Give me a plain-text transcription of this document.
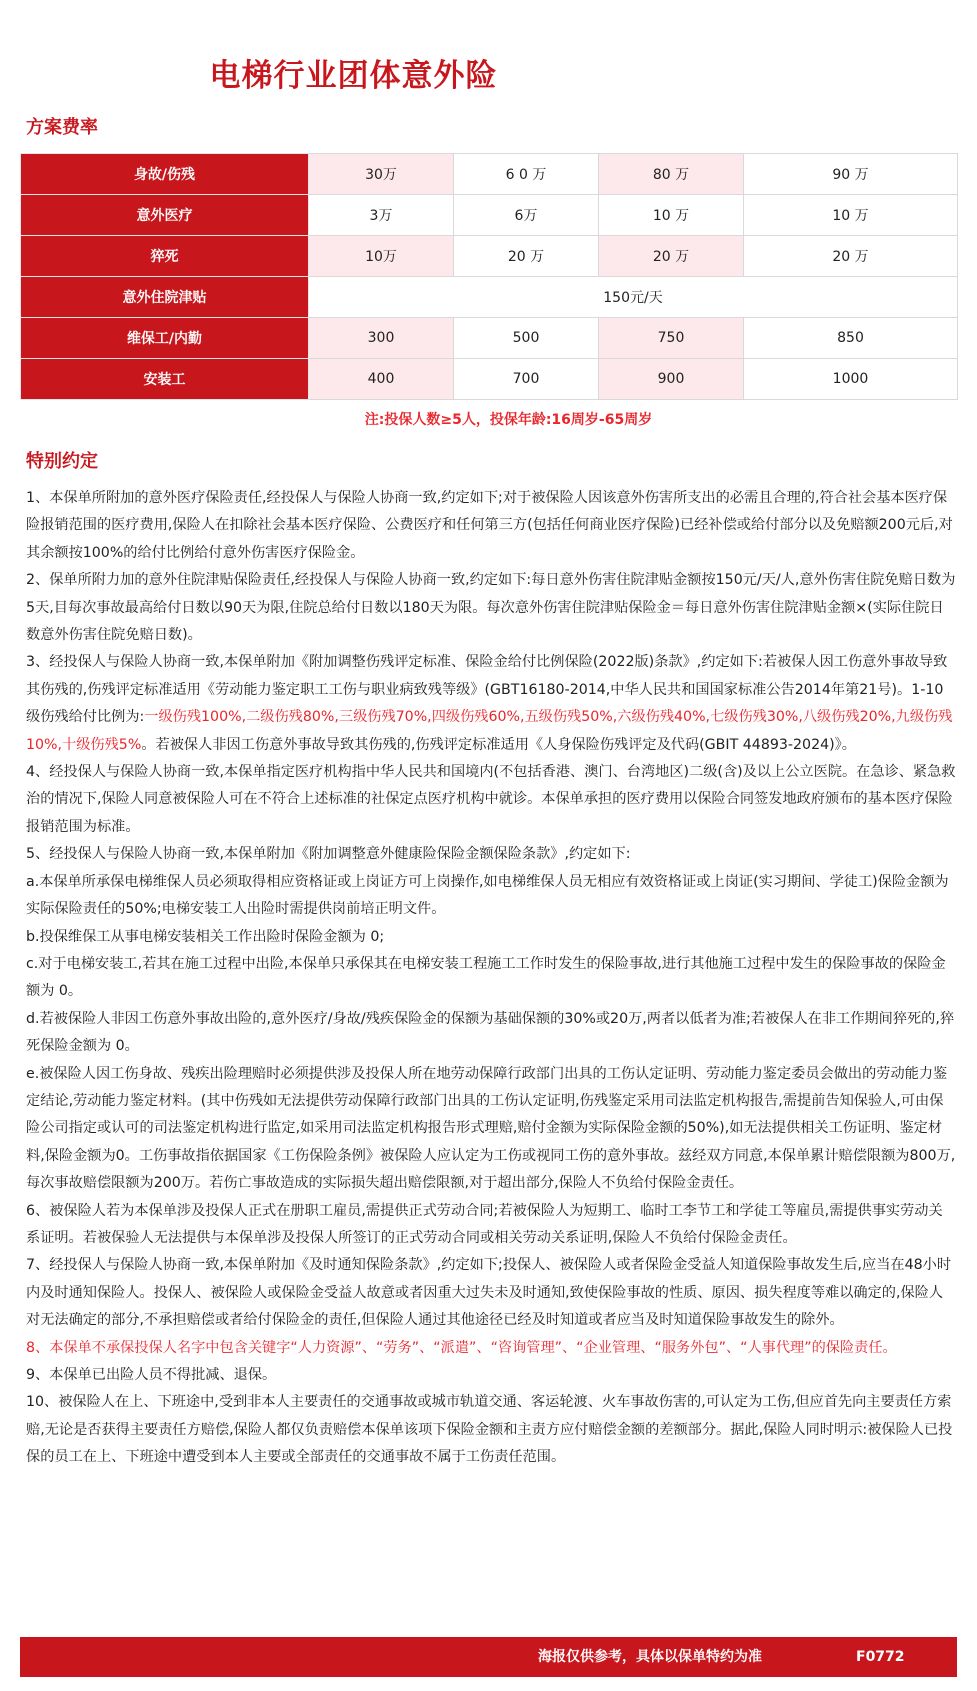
电梯行业团体意外险
方案费率
身故/伤残	30万	6 0 万	80 万	90 万
意外医疗	3万	6万	10 万	10 万
猝死	10万	20 万	20 万	20 万
意外住院津贴	150元/天			
维保工/内勤	300	500	750	850
安装工	400	700	900	1000
注:投保人数≥5人，投保年龄:16周岁-65周岁
特别约定

1、本保单所附加的意外医疗保险责任,经投保人与保险人协商一致,约定如下;对于被保险人因该意外伤害所支出的必需且合理的,符合社会基本医疗保险报销范围的医疗费用,保险人在扣除社会基本医疗保险、公费医疗和任何第三方(包括任何商业医疗保险)已经补偿或给付部分以及免赔额200元后,对其余额按100%的给付比例给付意外伤害医疗保险金。

2、保单所附力加的意外住院津贴保险责任,经投保人与保险人协商一致,约定如下:每日意外伤害住院津贴金额按150元/天/人,意外伤害住院免赔日数为5天,目每次事故最高给付日数以90天为限,住院总给付日数以180天为限。每次意外伤害住院津贴保险金＝每日意外伤害住院津贴金额×(实际住院日数意外伤害住院免赔日数)。

3、经投保人与保险人协商一致,本保单附加《附加调整伤残评定标准、保险金给付比例保险(2022版)条款》,约定如下:若被保人因工伤意外事故导致其伤残的,伤残评定标准适用《劳动能力鉴定职工工伤与职业病致残等级》(GBT16180-2014,中华人民共和国国家标准公告2014年第21号)。1-10级伤残给付比例为:一级伤残100%,二级伤残80%,三级伤残70%,四级伤残60%,五级伤残50%,六级伤残40%,七级伤残30%,八级伤残20%,九级伤残10%,十级伤残5%。若被保人非因工伤意外事故导致其伤残的,伤残评定标准适用《人身保险伤残评定及代码(GBIT 44893-2024)》。

4、经投保人与保险人协商一致,本保单指定医疗机构指中华人民共和国境内(不包括香港、澳门、台湾地区)二级(含)及以上公立医院。在急诊、紧急救治的情况下,保险人同意被保险人可在不符合上述标准的社保定点医疗机构中就诊。本保单承担的医疗费用以保险合同签发地政府颁布的基本医疗保险报销范围为标准。

5、经投保人与保险人协商一致,本保单附加《附加调整意外健康险保险金额保险条款》,约定如下:

a.本保单所承保电梯维保人员必须取得相应资格证或上岗证方可上岗操作,如电梯维保人员无相应有效资格证或上岗证(实习期间、学徒工)保险金额为实际保险责任的50%;电梯安装工人出险时需提供岗前培正明文件。

b.投保维保工从事电梯安装相关工作出险时保险金额为 0;

c.对于电梯安装工,若其在施工过程中出险,本保单只承保其在电梯安装工程施工工作时发生的保险事故,进行其他施工过程中发生的保险事故的保险金额为 0。

d.若被保险人非因工伤意外事故出险的,意外医疗/身故/残疾保险金的保额为基础保额的30%或20万,两者以低者为准;若被保人在非工作期间猝死的,猝死保险金额为 0。

e.被保险人因工伤身故、残疾出险理赔时必须提供涉及投保人所在地劳动保障行政部门出具的工伤认定证明、劳动能力鉴定委员会做出的劳动能力鉴定结论,劳动能力鉴定材料。(其中伤残如无法提供劳动保障行政部门出具的工伤认定证明,伤残鉴定采用司法监定机构报告,需提前告知保验人,可由保险公司指定或认可的司法鉴定机构进行监定,如采用司法监定机构报告形式理赔,赔付金额为实际保险金额的50%),如无法提供相关工伤证明、鉴定材料,保险金额为0。工伤事故指依据国家《工伤保险条例》被保险人应认定为工伤或视同工伤的意外事故。兹经双方同意,本保单累计赔偿限额为800万,每次事故赔偿限额为200万。若伤亡事故造成的实际损失超出赔偿限额,对于超出部分,保险人不负给付保险金责任。

6、被保险人若为本保单涉及投保人正式在册职工雇员,需提供正式劳动合同;若被保险人为短期工、临时工李节工和学徒工等雇员,需提供事实劳动关系证明。若被保验人无法提供与本保单涉及投保人所签订的正式劳动合同或相关劳动关系证明,保险人不负给付保险金责任。

7、经投保人与保险人协商一致,本保单附加《及时通知保险条款》,约定如下;投保人、被保险人或者保险金受益人知道保险事故发生后,应当在48小时内及时通知保险人。投保人、被保险人或保险金受益人故意或者因重大过失未及时通知,致使保险事故的性质、原因、损失程度等难以确定的,保险人对无法确定的部分,不承担赔偿或者给付保险金的责任,但保险人通过其他途径已经及时知道或者应当及时知道保险事故发生的除外。

8、本保单不承保投保人名字中包含关键字“人力资源”、“劳务”、“派遣”、“咨询管理”、“企业管理、“服务外包”、“人事代理”的保险责任。

9、本保单已出险人员不得批减、退保。

10、被保险人在上、下班途中,受到非本人主要责任的交通事故或城市轨道交通、客运轮渡、火车事故伤害的,可认定为工伤,但应首先向主要责任方索赔,无论是否获得主要责任方赔偿,保险人都仅负责赔偿本保单该项下保险金额和主责方应付赔偿金额的差额部分。据此,保险人同时明示:被保险人已投保的员工在上、下班途中遭受到本人主要或全部责任的交通事故不属于工伤责任范围。

海报仅供参考，具体以保单特约为准	F0772
